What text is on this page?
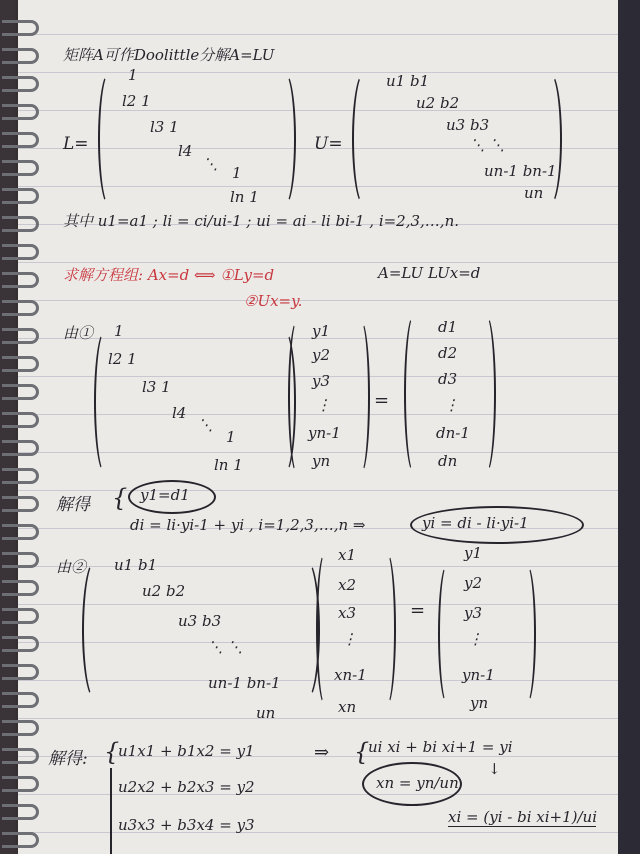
矩阵A可作Doolittle分解A=LU
L=
1
l2 1
l3 1
l4
⋱ 1
ln 1
U=
u1 b1
u2 b2
u3 b3
⋱ ⋱
un-1 bn-1
un
其中 u1=a1 ; li = ci/ui-1 ; ui = ai - li bi-1 , i=2,3,…,n.
求解方程组: Ax=d ⟺ ①Ly=d	A=LU LUx=d
②Ux=y.
由① 1
l2 1
l3 1
l4
⋱
1
ln 1
y1
y2
y3
⋮
yn-1
yn
=
d1
d2
d3
⋮
dn-1
dn
解得 { y1=d1
di = li·yi-1 + yi , i=1,2,3,…,n ⇒	yi = di - li·yi-1
由② u1 b1
u2 b2
u3 b3
⋱ ⋱
un-1 bn-1
un
x1
x2
x3
⋮
xn-1
xn
=
y1
y2
y3
⋮
yn-1
yn
解得: {
u1x1 + b1x2 = y1
u2x2 + b2x3 = y2
u3x3 + b3x4 = y3
⇒ {
ui xi + bi xi+1 = yi
xn = yn/un
↓
xi = (yi - bi xi+1)/ui
